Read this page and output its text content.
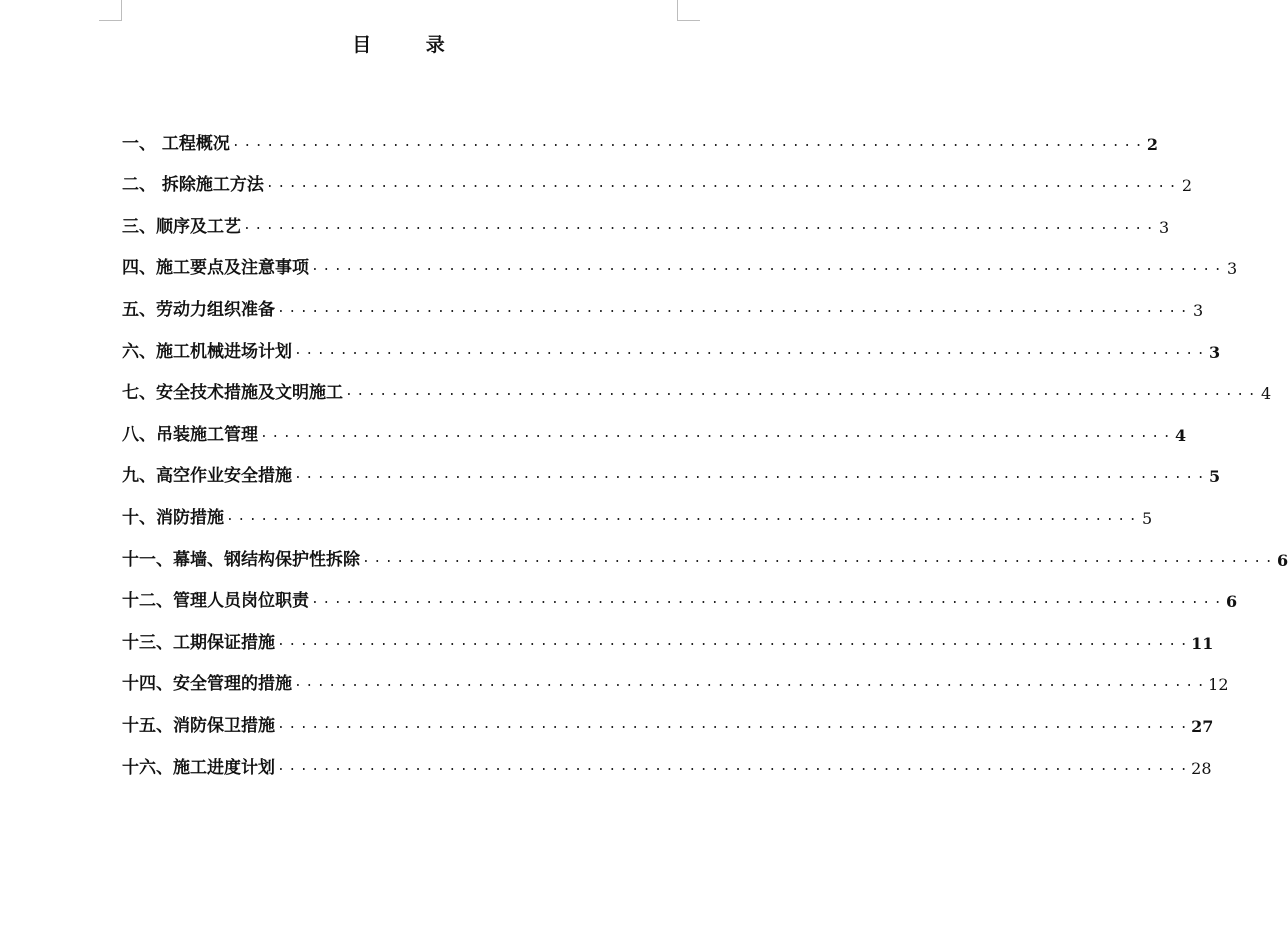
目 录
一、 工程概况 ................................................................................ 2
二、 拆除施工方法 ................................................................................ 2
三、顺序及工艺 ................................................................................ 3
四、施工要点及注意事项 ................................................................................ 3
五、劳动力组织准备 ................................................................................ 3
六、施工机械进场计划 ................................................................................ 3
七、安全技术措施及文明施工 ................................................................................ 4
八、吊装施工管理 ................................................................................ 4
九、高空作业安全措施 ................................................................................ 5
十、消防措施 ................................................................................ 5
十一、幕墙、钢结构保护性拆除 ................................................................................ 6
十二、管理人员岗位职责 ................................................................................ 6
十三、工期保证措施 ................................................................................ 11
十四、安全管理的措施 ................................................................................ 12
十五、消防保卫措施 ................................................................................ 27
十六、施工进度计划 ................................................................................ 28
